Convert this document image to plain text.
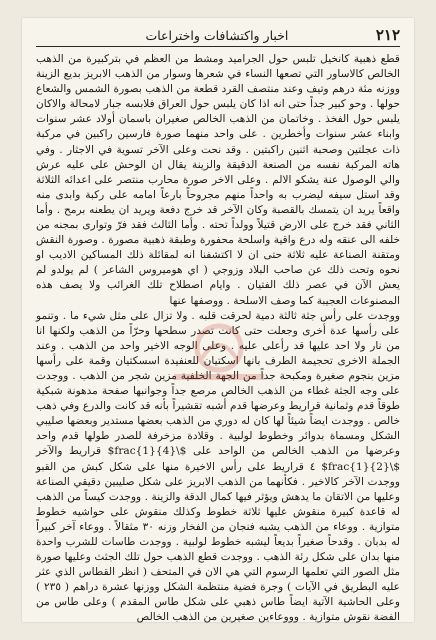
٢١٢
اخبار واكتشافات واختراعات

قطع ذهبية كانخيل تلبس حول الجراميد ومشط من العظم في بتركبيرة من الذهب الخالص كالاساور التي تصعها النساء في شعرها وسوار من الذهب الابريز بديع الزينة ووزنه مئة درهم وتيف وعند منتصف القرد قطعة من الذهب بصورة الشمس والشعاع حولها . وحو كبير جداً حتى انه اذا كان يلبس حول العراق فلابسه جبار لامحالة والاكان يلبس حول الفخذ . وخاتمان من الذهب الخالص صغيران باسمان أولاد عشر سنوات وابناء عشر سنوات وأخطرين . على واحد منهما صورة فارسين راكبين في مركبة ذات عجلتين وصحبة اثنين راكبتين . وقد نحت وعلى الآخر تسوية في الاجثار . وفي هاته المركبة نفسه من الصنعة الدقيقة والزينة يقال ان الوحش على عليه عرش والي الوصول عنة يشكو الالم . وعلى الاخر صورة محارب منتصر على اعدائه الثلاثة وقد استل سيفه ليضرب به واحداً منهم مجروحاً بارعاً امامه على ركبة وابدى منه واقعاً يريد ان يتمسك بالقصبة وكان الآخر قد خرج دفعة ويريد ان يطعنه برمح . وأما الثاني فقد خرج على الارض قتيلاً وولداً تحته . وأما الثالث فقد فرّ وتوارى بمجنه من خلفه الى عنقه وله درع واقية واسلحة محفورة وطبقة ذهبية مصورة . وصورة النقش ومتقنة الصناعة عليه ثلاثة حتى ان لا اكتشفنا انه لمقائلة ذلك المساكين الاديب او نحوه وتحت ذلك عن صاحب البلاد وزوجي ( اي هوميروس الشاعر ) لم يولدو لم يعش الآن في عصر ذلك الفتيان . وايام اصطلاح تلك الغرائب ولا يصف هذه المصنوعات العجيبة كما وصف الاسلحة . ووصفها عنها

ووجدت على رأس جثة ثالثة دمية لحرقت قلبه . ولا تزال على مثل شيء ما . وتنمو على رأسها عدة أخرى وجعلت حتى كانت تصدر سطحها وحرّاً من الذهب ولكنها انا من نار ولا احد عليها قد رأعلى عليه . وعلى الوجه الاخير واحد من الذهب . وعند الجملة الاخرى تحجيمة الطرف بانها اسكتيان للعنفيدة اسسكتيان وقمة على رأسها مزين بنجوم صغيرة ومكبحة جداً من الجهة الخلفية مزين شجر من الذهب . ووجدت على وجه الجثة غطاء من الذهب الخالص مرصع جداً وجوانبها صفحة مدهونة شبكية طوقاً قدم وثمانية قراريط وعرضها قدم أشبه تقشيراً بأنه قد كانت والدرع وفي ذهب خالص . ووجدت ايضاً شيئاً لها كان له دوري من الذهب بعضها مستدير وبعضها صليبي الشكل ومسماة بدوائر وخطوط لولبية . وقلادة مزخرفة للصدر طولها قدم واحد وعرضها من الذهب الخالص من الواحد على $\frac{1}{4}$ قراريط والآخر $\frac{1}{2}$ ٤ قراريط على رأس الاخيرة منها على شكل كبش من القبو ووجدت الآخر كالاخير . فكأنهما من الذهب الابريز على شكل صليبين دقيقي الصناعة وعليها من الاتقان ما يدهش ويؤثر فيها كمال الدقة والزينة . ووجدت كيساً من الذهب له قاعدة كبيرة منقوش عليها ثلاثة خطوط وكذلك منقوش على حواشيه خطوط متوازية . ووعاء من الذهب يشبه فنجان من الفخار وزنه ٣٠ مثقالاً . ووعاء آخر كبيراً له بدبان . وقدحاً صغيراً بديعاً ليشبه خطوط لولبية . ووجدت طاسات للشرب واحدة منها بدان على شكل رئة الذهب . ووجدت قطع الذهب حول تلك الجثث وعليها صورة مثل الصور التي تعلمها الرسوم التي هي الان في المتحف ( انظر القطاس الذي عثر عليه البطريق في الآيات ) وجرة فضية منتظمة الشكل ووزنها عشرة دراهم ( ٢٣٥ ) وعلى الحاشية الآتية ايضاً طاس ذهبي على شكل طاس المقدم ) وعلى طاس من الفضة نقوش متوازية . وووعاءين صغيرين من الذهب الخالص
